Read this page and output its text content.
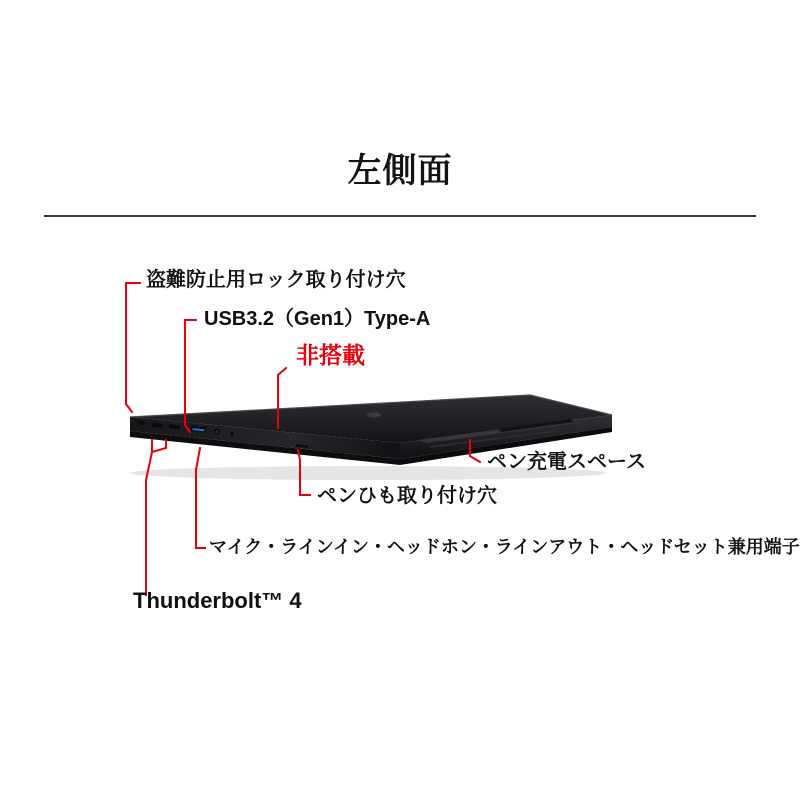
左側面
盗難防止用ロック取り付け穴
USB3.2（Gen1）Type-A
非搭載
ペン充電スペース
ペンひも取り付け穴
マイク・ラインイン・ヘッドホン・ラインアウト・ヘッドセット兼用端子
Thunderbolt™ 4
